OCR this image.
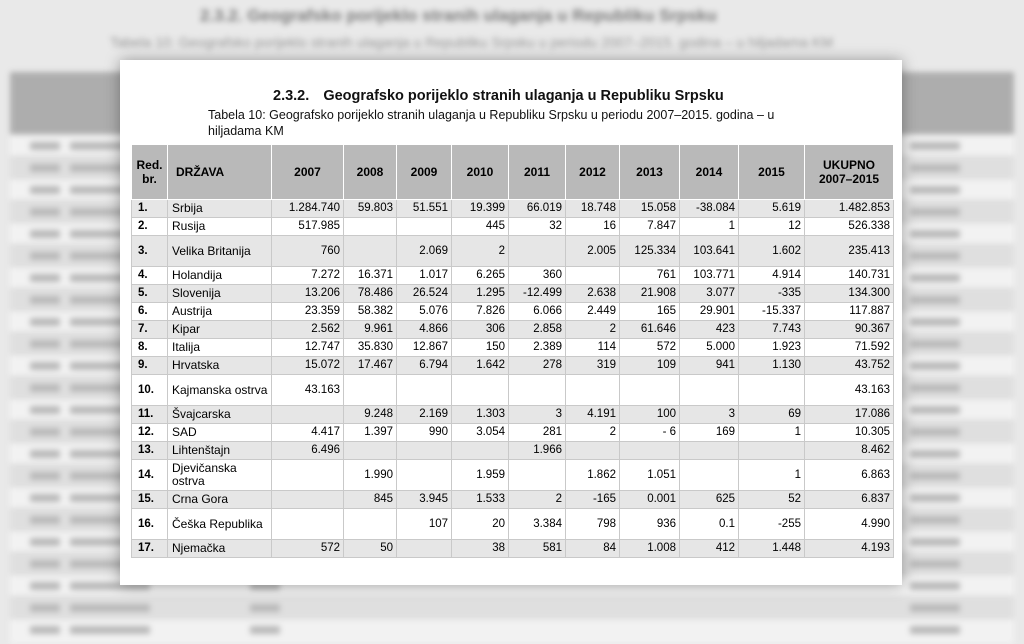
2.3.2. Geografsko porijeklo stranih ulaganja u Republiku Srpsku
Tabela 10: Geografsko porijeklo stranih ulaganja u Republiku Srpsku u periodu 2007–2015. godina – u hiljadama KM
2.3.2. Geografsko porijeklo stranih ulaganja u Republiku Srpsku
Tabela 10: Geografsko porijeklo stranih ulaganja u Republiku Srpsku u periodu 2007–2015. godina – u hiljadama KM
Red. br.	DRŽAVA	2007	2008	2009	2010	2011	2012	2013	2014	2015	UKUPNO 2007–2015
1.	Srbija	1.284.740	59.803	51.551	19.399	66.019	18.748	15.058	-38.084	5.619	1.482.853
2.	Rusija	517.985			445	32	16	7.847	1	12	526.338
3.	Velika Britanija	760		2.069	2		2.005	125.334	103.641	1.602	235.413
4.	Holandija	7.272	16.371	1.017	6.265	360		761	103.771	4.914	140.731
5.	Slovenija	13.206	78.486	26.524	1.295	-12.499	2.638	21.908	3.077	-335	134.300
6.	Austrija	23.359	58.382	5.076	7.826	6.066	2.449	165	29.901	-15.337	117.887
7.	Kipar	2.562	9.961	4.866	306	2.858	2	61.646	423	7.743	90.367
8.	Italija	12.747	35.830	12.867	150	2.389	114	572	5.000	1.923	71.592
9.	Hrvatska	15.072	17.467	6.794	1.642	278	319	109	941	1.130	43.752
10.	Kajmanska ostrva	43.163									43.163
11.	Švajcarska		9.248	2.169	1.303	3	4.191	100	3	69	17.086
12.	SAD	4.417	1.397	990	3.054	281	2	- 6	169	1	10.305
13.	Lihtenštajn	6.496				1.966					8.462
14.	Djevičanska ostrva		1.990		1.959		1.862	1.051		1	6.863
15.	Crna Gora		845	3.945	1.533	2	-165	0.001	625	52	6.837
16.	Češka Republika			107	20	3.384	798	936	0.1	-255	4.990
17.	Njemačka	572	50		38	581	84	1.008	412	1.448	4.193
